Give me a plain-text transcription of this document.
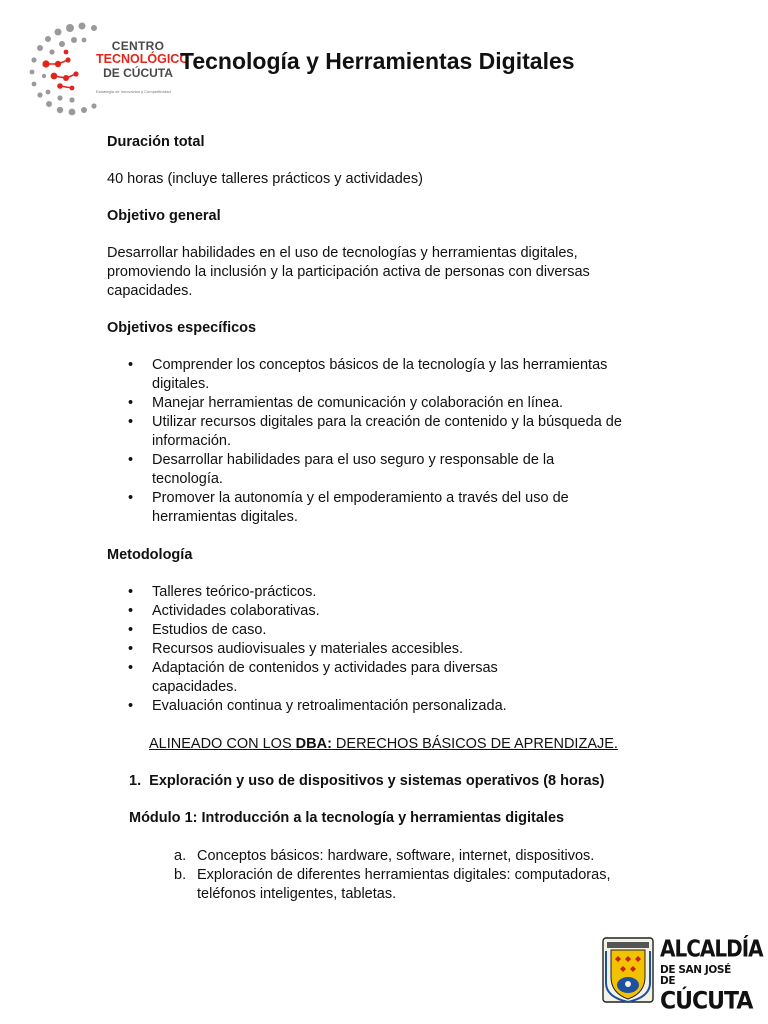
CENTRO
TECNOLÓGICO
DE CÚCUTA
Estrategia de Innovación y Competitividad
Tecnología y Herramientas Digitales
Duración total
40 horas (incluye talleres prácticos y actividades)
Objetivo general
Desarrollar habilidades en el uso de tecnologías y herramientas digitales, promoviendo la inclusión y la participación activa de personas con diversas capacidades.
Objetivos específicos
• Comprender los conceptos básicos de la tecnología y las herramientas digitales.
• Manejar herramientas de comunicación y colaboración en línea.
• Utilizar recursos digitales para la creación de contenido y la búsqueda de información.
• Desarrollar habilidades para el uso seguro y responsable de la tecnología.
• Promover la autonomía y el empoderamiento a través del uso de herramientas digitales.
Metodología
• Talleres teórico-prácticos.
• Actividades colaborativas.
• Estudios de caso.
• Recursos audiovisuales y materiales accesibles.
• Adaptación de contenidos y actividades para diversas capacidades.
• Evaluación continua y retroalimentación personalizada.
ALINEADO CON LOS DBA: DERECHOS BÁSICOS DE APRENDIZAJE.
1. Exploración y uso de dispositivos y sistemas operativos (8 horas)
Módulo 1: Introducción a la tecnología y herramientas digitales
a. Conceptos básicos: hardware, software, internet, dispositivos.
b. Exploración de diferentes herramientas digitales: computadoras, teléfonos inteligentes, tabletas.
ALCALDÍA
DE SAN JOSÉ DE
CÚCUTA
